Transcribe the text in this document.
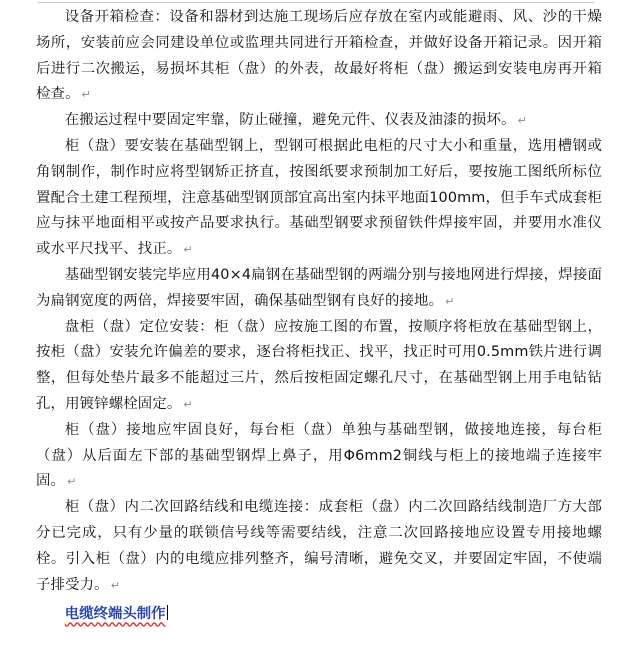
设备开箱检查：设备和器材到达施工现场后应存放在室内或能避雨、风、沙的干燥场所，安装前应会同建设单位或监理共同进行开箱检查，并做好设备开箱记录。因开箱后进行二次搬运，易损坏其柜（盘）的外表，故最好将柜（盘）搬运到安装电房再开箱检查。 ↵

在搬运过程中要固定牢靠，防止碰撞，避免元件、仪表及油漆的损坏。 ↵

柜（盘）要安装在基础型钢上，型钢可根据此电柜的尺寸大小和重量，选用槽钢或角钢制作，制作时应将型钢矫正挤直，按图纸要求预制加工好后，要按施工图纸所标位置配合土建工程预埋，注意基础型钢顶部宜高出室内抹平地面100mm，但手车式成套柜应与抹平地面相平或按产品要求执行。基础型钢要求预留铁件焊接牢固，并要用水准仪或水平尺找平、找正。 ↵

基础型钢安装完毕应用40×4扁钢在基础型钢的两端分别与接地网进行焊接，焊接面为扁钢宽度的两倍，焊接要牢固，确保基础型钢有良好的接地。 ↵

盘柜（盘）定位安装：柜（盘）应按施工图的布置，按顺序将柜放在基础型钢上，按柜（盘）安装允许偏差的要求，逐台将柜找正、找平，找正时可用0.5mm铁片进行调整，但每处垫片最多不能超过三片，然后按柜固定螺孔尺寸，在基础型钢上用手电钻钻孔，用镀锌螺栓固定。 ↵

柜（盘）接地应牢固良好，每台柜（盘）单独与基础型钢，做接地连接，每台柜（盘）从后面左下部的基础型钢焊上鼻子，用Φ6mm2铜线与柜上的接地端子连接牢固。 ↵

柜（盘）内二次回路结线和电缆连接：成套柜（盘）内二次回路结线制造厂方大部分已完成，只有少量的联锁信号线等需要结线，注意二次回路接地应设置专用接地螺栓。引入柜（盘）内的电缆应排列整齐，编号清晰，避免交叉，并要固定牢固，不使端子排受力。 ↵

电缆终端头制作
